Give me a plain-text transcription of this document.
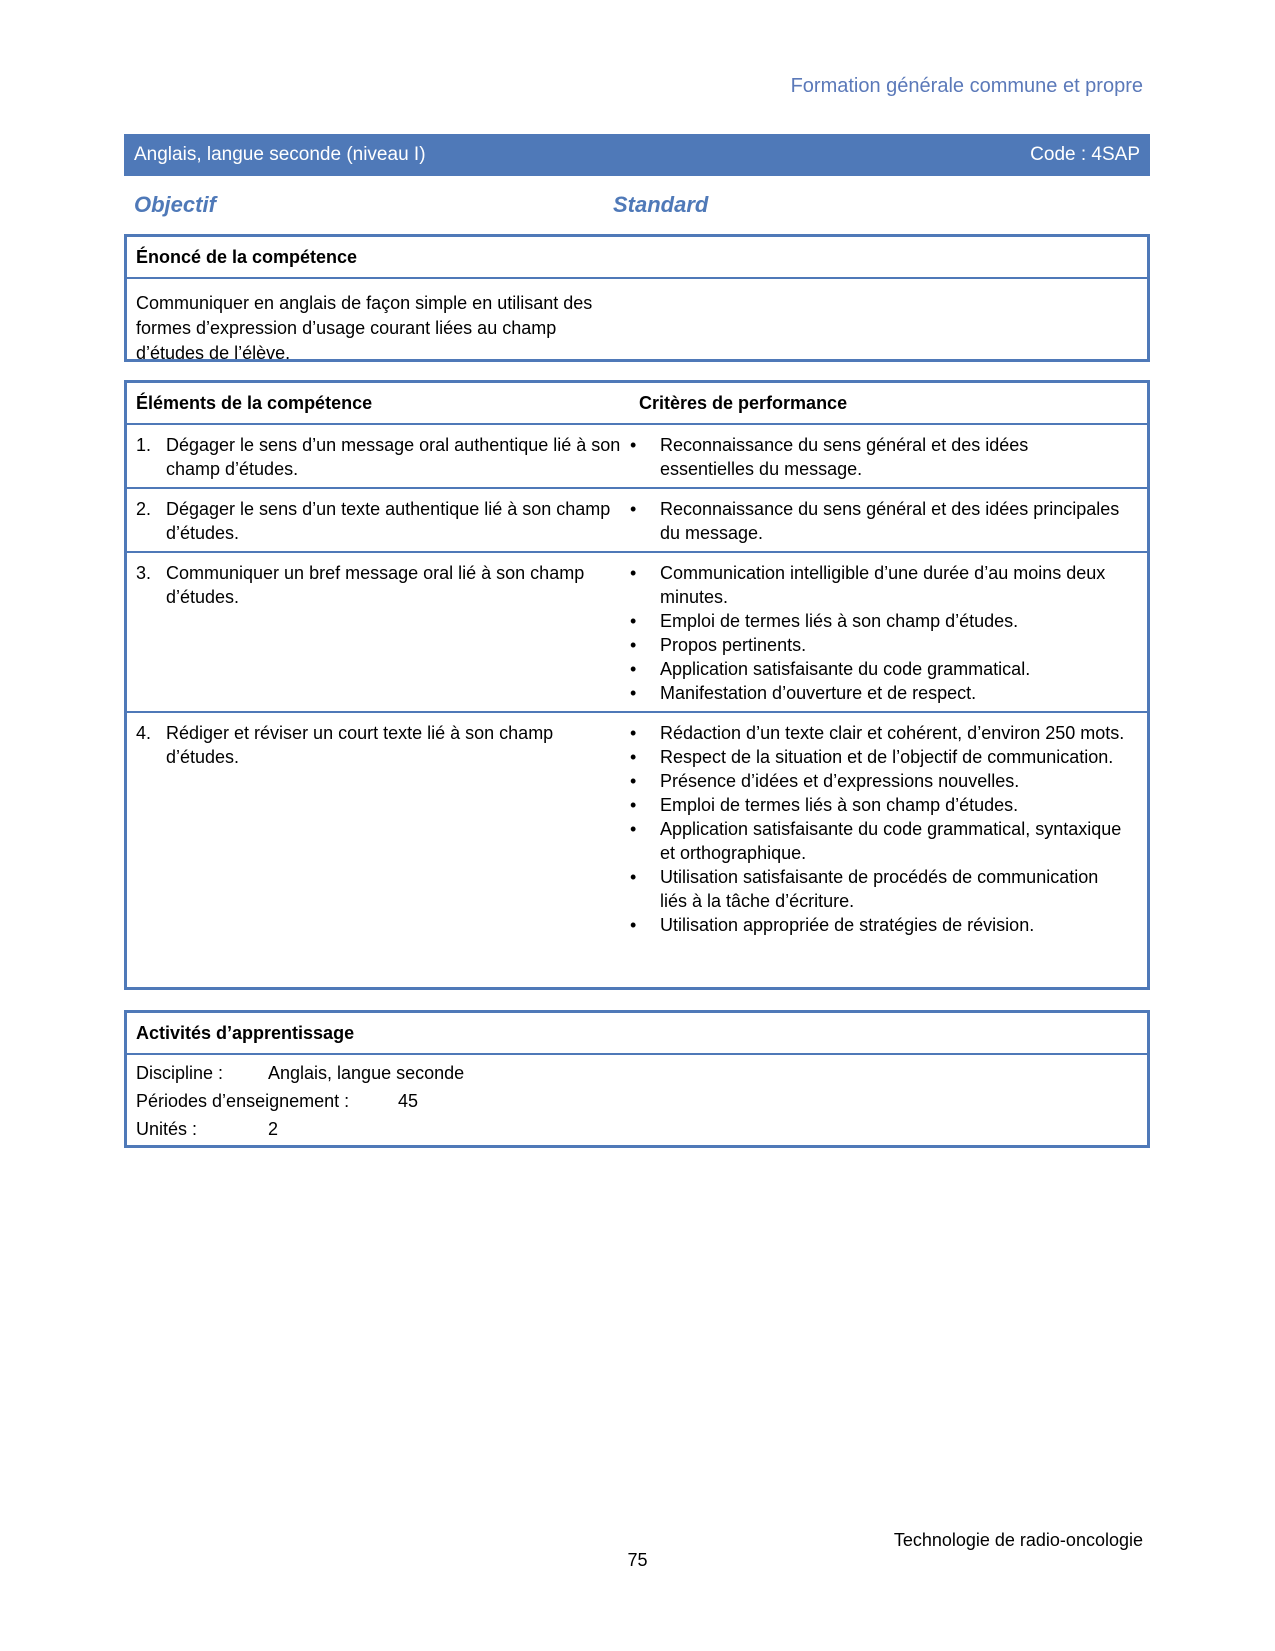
Formation générale commune et propre
Anglais, langue seconde (niveau I)	Code : 4SAP
Objectif	Standard
Énoncé de la compétence
Communiquer en anglais de façon simple en utilisant des formes d’expression d’usage courant liées au champ d’études de l’élève.
Éléments de la compétence	Critères de performance
1. Dégager le sens d’un message oral authentique lié à son champ d’études.
•	Reconnaissance du sens général et des idées essentielles du message.
2. Dégager le sens d’un texte authentique lié à son champ d’études.
•	Reconnaissance du sens général et des idées principales du message.
3. Communiquer un bref message oral lié à son champ d’études.
•	Communication intelligible d’une durée d’au moins deux minutes.
•	Emploi de termes liés à son champ d’études.
•	Propos pertinents.
•	Application satisfaisante du code grammatical.
•	Manifestation d’ouverture et de respect.
4. Rédiger et réviser un court texte lié à son champ d’études.
•	Rédaction d’un texte clair et cohérent, d’environ 250 mots.
•	Respect de la situation et de l’objectif de communication.
•	Présence d’idées et d’expressions nouvelles.
•	Emploi de termes liés à son champ d’études.
•	Application satisfaisante du code grammatical, syntaxique et orthographique.
•	Utilisation satisfaisante de procédés de communication liés à la tâche d’écriture.
•	Utilisation appropriée de stratégies de révision.
Activités d’apprentissage
Discipline :	Anglais, langue seconde
Périodes d’enseignement :	45
Unités :	2
Technologie de radio-oncologie
75
